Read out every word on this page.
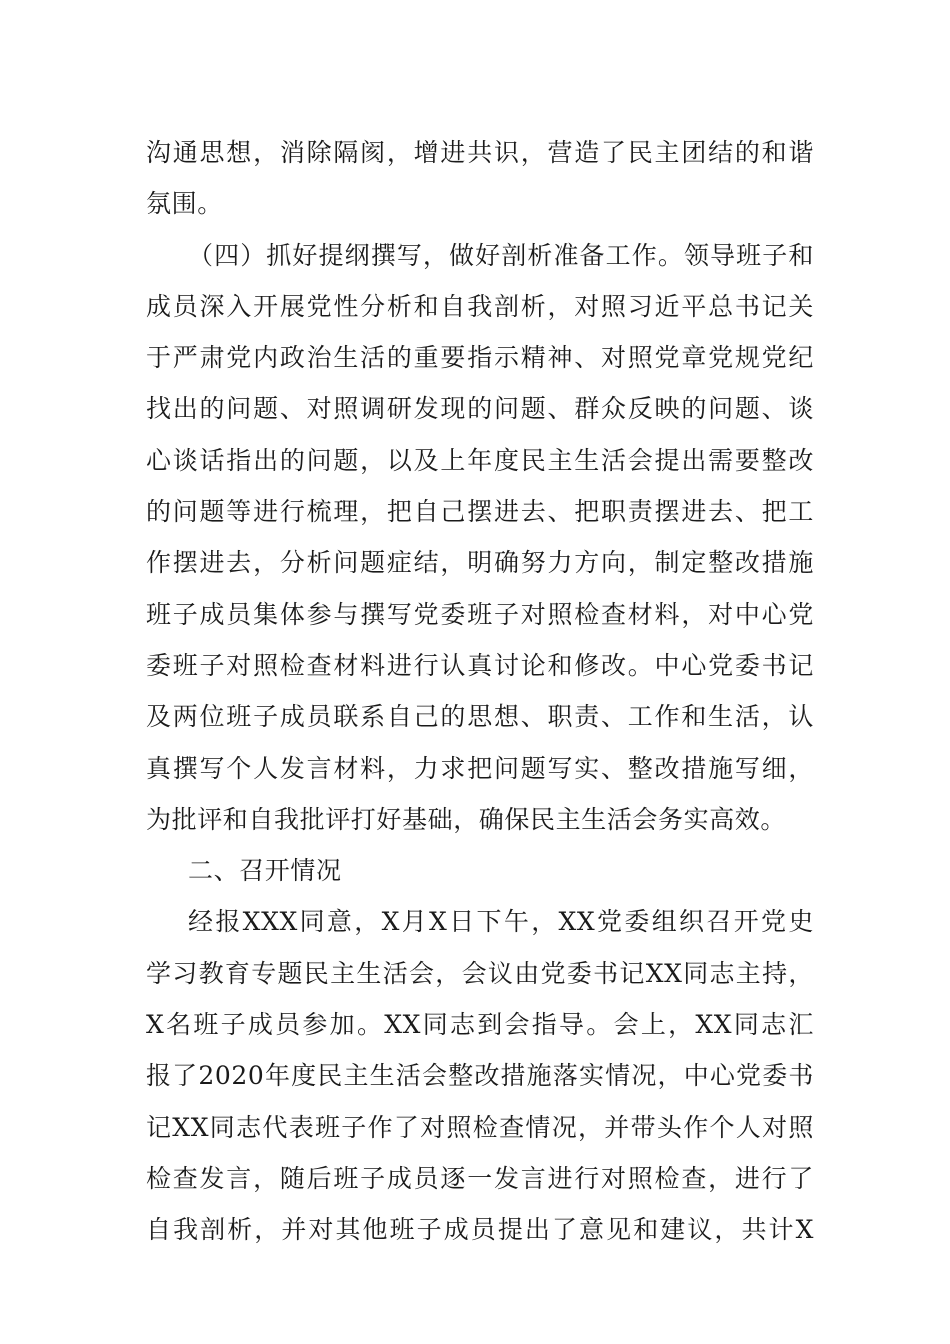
沟通思想，消除隔阂，增进共识，营造了民主团结的和谐
氛围。
（四）抓好提纲撰写，做好剖析准备工作。领导班子和
成员深入开展党性分析和自我剖析，对照习近平总书记关
于严肃党内政治生活的重要指示精神、对照党章党规党纪
找出的问题、对照调研发现的问题、群众反映的问题、谈
心谈话指出的问题，以及上年度民主生活会提出需要整改
的问题等进行梳理，把自己摆进去、把职责摆进去、把工
作摆进去，分析问题症结，明确努力方向，制定整改措施
班子成员集体参与撰写党委班子对照检查材料，对中心党
委班子对照检查材料进行认真讨论和修改。中心党委书记
及两位班子成员联系自己的思想、职责、工作和生活，认
真撰写个人发言材料，力求把问题写实、整改措施写细，
为批评和自我批评打好基础，确保民主生活会务实高效。
二、召开情况
经报XXX同意，X月X日下午，XX党委组织召开党史
学习教育专题民主生活会，会议由党委书记XX同志主持，
X名班子成员参加。XX同志到会指导。会上，XX同志汇
报了2020年度民主生活会整改措施落实情况，中心党委书
记XX同志代表班子作了对照检查情况，并带头作个人对照
检查发言，随后班子成员逐一发言进行对照检查，进行了
自我剖析，并对其他班子成员提出了意见和建议，共计X
